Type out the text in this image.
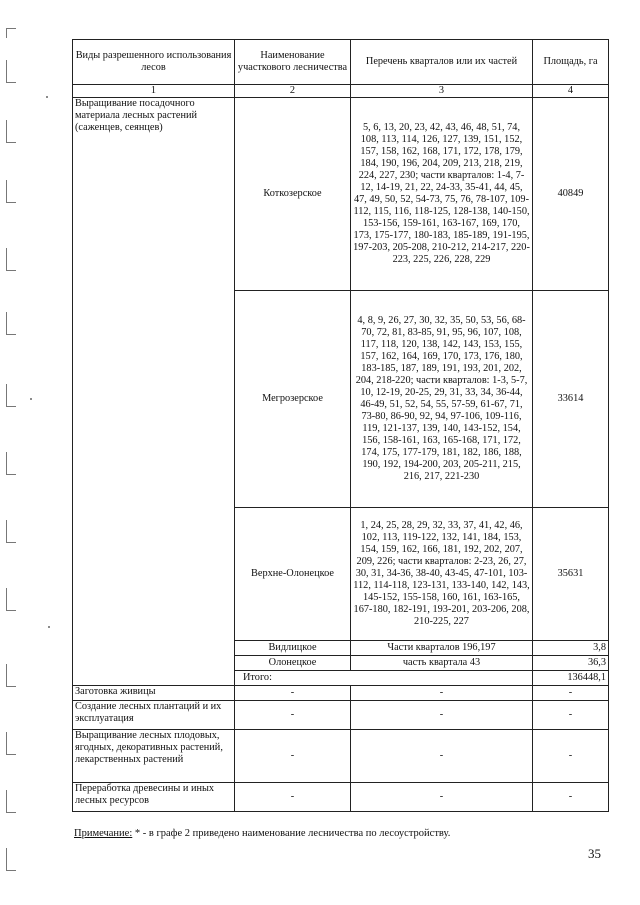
Виды разрешенного использования лесов	Наименование участкового лесничества	Перечень кварталов или их частей	Площадь, га
1	2	3	4
Выращивание посадочного материала лесных растений (саженцев, сеянцев)	Коткозерское	5, 6, 13, 20, 23, 42, 43, 46, 48, 51, 74, 108, 113, 114, 126, 127, 139, 151, 152, 157, 158, 162, 168, 171, 172, 178, 179, 184, 190, 196, 204, 209, 213, 218, 219, 224, 227, 230; части кварталов: 1-4, 7-12, 14-19, 21, 22, 24-33, 35-41, 44, 45, 47, 49, 50, 52, 54-73, 75, 76, 78-107, 109-112, 115, 116, 118-125, 128-138, 140-150, 153-156, 159-161, 163-167, 169, 170, 173, 175-177, 180-183, 185-189, 191-195, 197-203, 205-208, 210-212, 214-217, 220-223, 225, 226, 228, 229	40849
	Мегрозерское	4, 8, 9, 26, 27, 30, 32, 35, 50, 53, 56, 68-70, 72, 81, 83-85, 91, 95, 96, 107, 108, 117, 118, 120, 138, 142, 143, 153, 155, 157, 162, 164, 169, 170, 173, 176, 180, 183-185, 187, 189, 191, 193, 201, 202, 204, 218-220; части кварталов: 1-3, 5-7, 10, 12-19, 20-25, 29, 31, 33, 34, 36-44, 46-49, 51, 52, 54, 55, 57-59, 61-67, 71, 73-80, 86-90, 92, 94, 97-106, 109-116, 119, 121-137, 139, 140, 143-152, 154, 156, 158-161, 163, 165-168, 171, 172, 174, 175, 177-179, 181, 182, 186, 188, 190, 192, 194-200, 203, 205-211, 215, 216, 217, 221-230	33614
	Верхне-Олонецкое	1, 24, 25, 28, 29, 32, 33, 37, 41, 42, 46, 102, 113, 119-122, 132, 141, 184, 153, 154, 159, 162, 166, 181, 192, 202, 207, 209, 226; части кварталов: 2-23, 26, 27, 30, 31, 34-36, 38-40, 43-45, 47-101, 103-112, 114-118, 123-131, 133-140, 142, 143, 145-152, 155-158, 160, 161, 163-165, 167-180, 182-191, 193-201, 203-206, 208, 210-225, 227	35631
	Видлицкое	Части кварталов 196,197	3,8
	Олонецкое	часть квартала 43	36,3
	Итого:		136448,1
Заготовка живицы	-	-	-
Создание лесных плантаций и их эксплуатация	-	-	-
Выращивание лесных плодовых, ягодных, декоративных растений, лекарственных растений	-	-	-
Переработка древесины и иных лесных ресурсов	-	-	-
Примечание: * - в графе 2 приведено наименование лесничества по лесоустройству.
35
